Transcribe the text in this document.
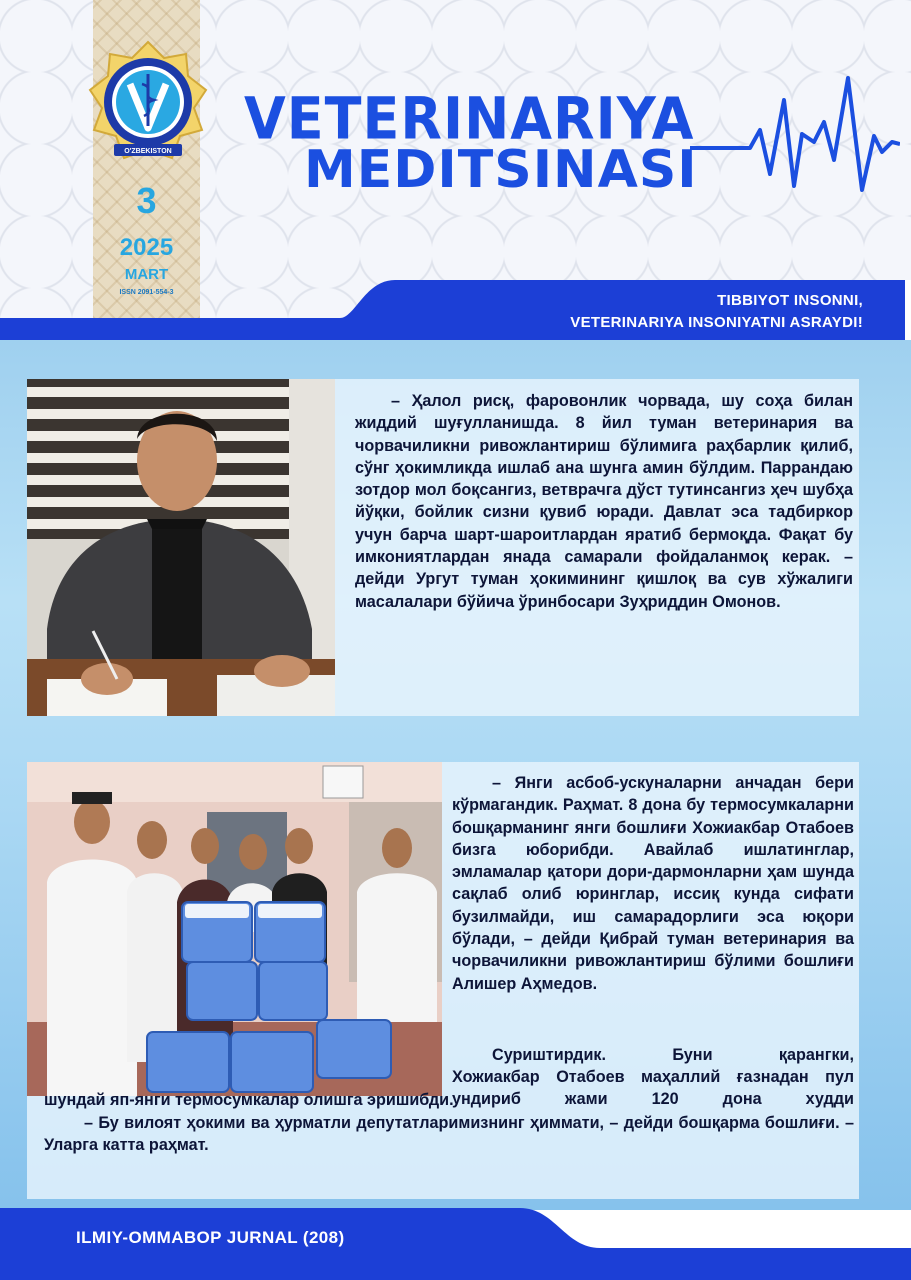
O'ZBEKISTON
3
2025
MART
ISSN 2091-554-3
VETERINARIYA
MEDITSINASI
TIBBIYOT INSONNI,
VETERINARIYA INSONIYATNI ASRAYDI!
– Ҳалол рисқ, фаровонлик чорвада, шу соҳа билан жиддий шуғулланишда. 8 йил туман ветеринария ва чорвачиликни ривожлантириш бўлимига раҳбарлик қилиб, сўнг ҳокимликда ишлаб ана шунга амин бўлдим. Паррандаю зотдор мол боқсангиз, ветврачга дўст тутинсангиз ҳеч шубҳа йўқки, бойлик сизни қувиб юради. Давлат эса тадбиркор учун барча шарт-шароитлардан яратиб бермоқда. Фақат бу имкониятлардан янада самарали фойдаланмоқ керак. – дейди Ургут туман ҳокимининг қишлоқ ва сув хўжалиги масалалари бўйича ўринбосари Зуҳриддин Омонов.
– Янги асбоб-ускуналарни анчадан бери кўрмагандик. Раҳмат. 8 дона бу термосумкаларни бошқарманинг янги бошлиғи Хожиакбар Отабоев бизга юборибди. Авайлаб ишлатинглар, эмламалар қатори дори-дармонларни ҳам шунда сақлаб олиб юринглар, иссиқ кунда сифати бузилмайди, иш самарадорлиги эса юқори бўлади, – дейди Қибрай туман ветеринария ва чорвачиликни ривожлантириш бўлими бошлиғи Алишер Аҳмедов.
Суриштирдик. Буни қарангки,
Хожиакбар Отабоев маҳаллий ғазнадан пул ундириб жами 120 дона худди
шундай яп-янги термосумкалар олишга эришибди.
– Бу вилоят ҳокими ва ҳурматли депутатларимизнинг ҳиммати, – дейди бошқарма бошлиғи. – Уларга катта раҳмат.
ILMIY-OMMABOP JURNAL (208)
